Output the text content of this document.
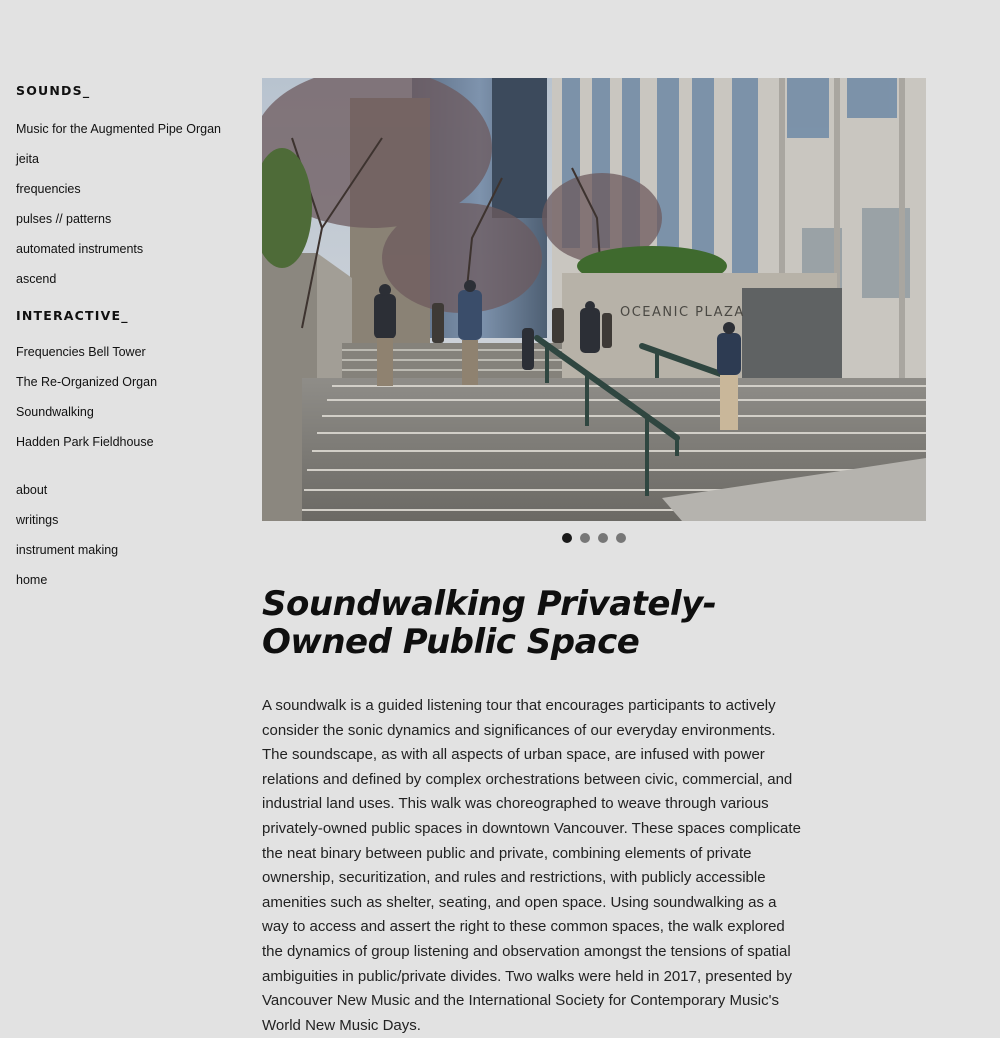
SOUNDS_
Music for the Augmented Pipe Organ
jeita
frequencies
pulses // patterns
automated instruments
ascend
INTERACTIVE_
Frequencies Bell Tower
The Re-Organized Organ
Soundwalking
Hadden Park Fieldhouse
about
writings
instrument making
home
OCEANIC PLAZA
Soundwalking Privately-Owned Public Space

A soundwalk is a guided listening tour that encourages participants to actively consider the sonic dynamics and significances of our everyday environments. The soundscape, as with all aspects of urban space, are infused with power relations and defined by complex orchestrations between civic, commercial, and industrial land uses. This walk was choreographed to weave through various privately-owned public spaces in downtown Vancouver. These spaces complicate the neat binary between public and private, combining elements of private ownership, securitization, and rules and restrictions, with publicly accessible amenities such as shelter, seating, and open space. Using soundwalking as a way to access and assert the right to these common spaces, the walk explored the dynamics of group listening and observation amongst the tensions of spatial ambiguities in public/private divides. Two walks were held in 2017, presented by Vancouver New Music and the International Society for Contemporary Music's World New Music Days.
